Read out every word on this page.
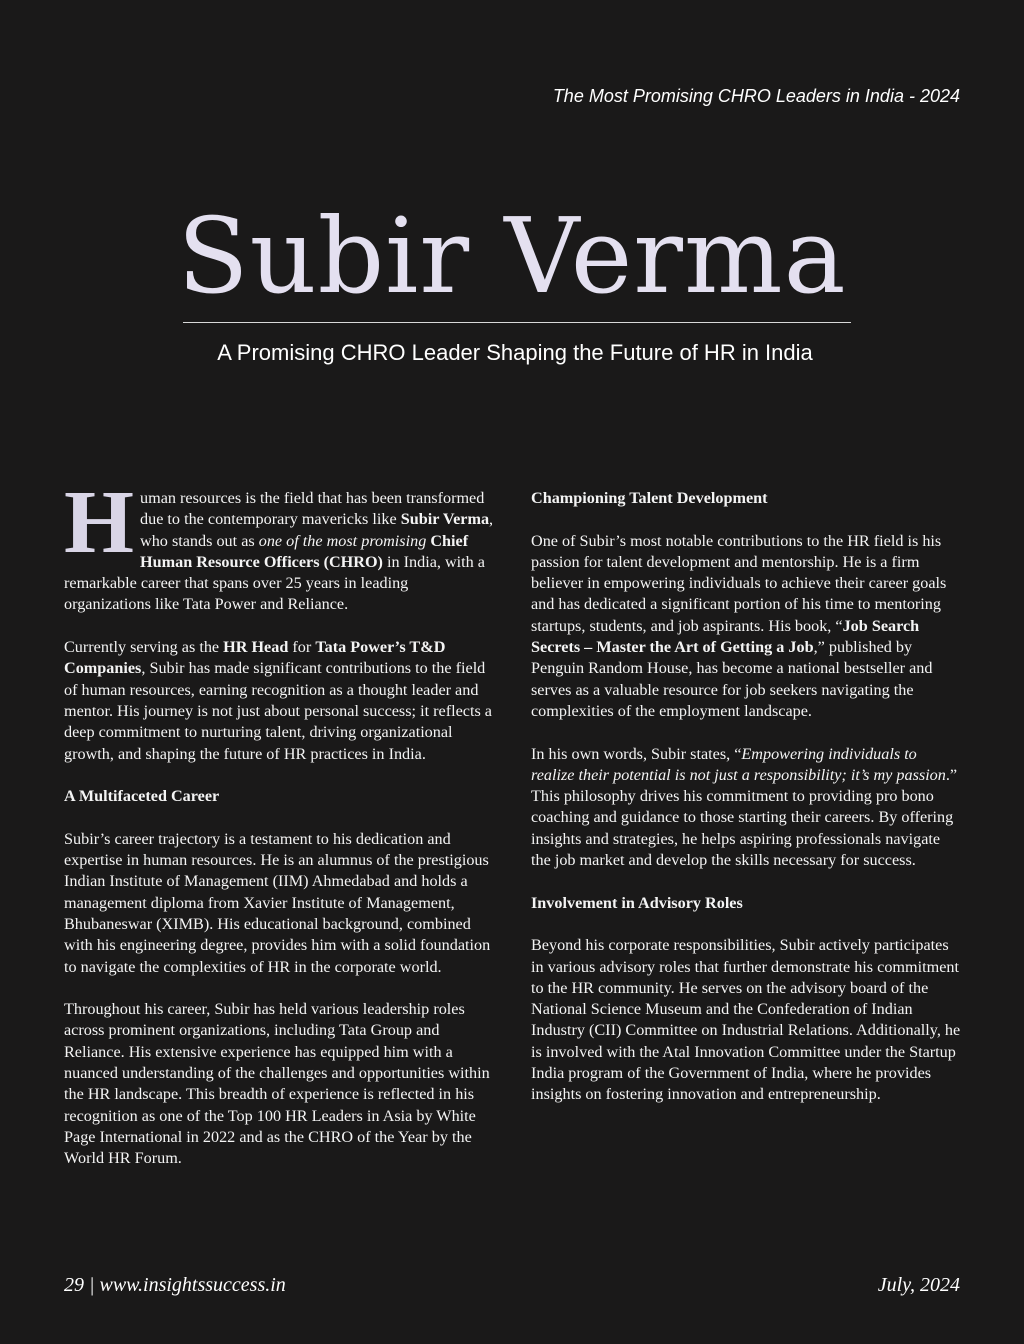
The Most Promising CHRO Leaders in India - 2024
Subir Verma
A Promising CHRO Leader Shaping the Future of HR in India

Human resources is the field that has been transformed due to the contemporary mavericks like Subir Verma, who stands out as one of the most promising Chief Human Resource Officers (CHRO) in India, with a remarkable career that spans over 25 years in leading organizations like Tata Power and Reliance.

Currently serving as the HR Head for Tata Power’s T&D Companies, Subir has made significant contributions to the field of human resources, earning recognition as a thought leader and mentor. His journey is not just about personal success; it reflects a deep commitment to nurturing talent, driving organizational growth, and shaping the future of HR practices in India.

A Multifaceted Career

Subir’s career trajectory is a testament to his dedication and expertise in human resources. He is an alumnus of the prestigious Indian Institute of Management (IIM) Ahmedabad and holds a management diploma from Xavier Institute of Management, Bhubaneswar (XIMB). His educational background, combined with his engineering degree, provides him with a solid foundation to navigate the complexities of HR in the corporate world.

Throughout his career, Subir has held various leadership roles across prominent organizations, including Tata Group and Reliance. His extensive experience has equipped him with a nuanced understanding of the challenges and opportunities within the HR landscape. This breadth of experience is reflected in his recognition as one of the Top 100 HR Leaders in Asia by White Page International in 2022 and as the CHRO of the Year by the World HR Forum.

Championing Talent Development

One of Subir’s most notable contributions to the HR field is his passion for talent development and mentorship. He is a firm believer in empowering individuals to achieve their career goals and has dedicated a significant portion of his time to mentoring startups, students, and job aspirants. His book, “Job Search Secrets – Master the Art of Getting a Job,” published by Penguin Random House, has become a national bestseller and serves as a valuable resource for job seekers navigating the complexities of the employment landscape.

In his own words, Subir states, “Empowering individuals to realize their potential is not just a responsibility; it’s my passion.” This philosophy drives his commitment to providing pro bono coaching and guidance to those starting their careers. By offering insights and strategies, he helps aspiring professionals navigate the job market and develop the skills necessary for success.

Involvement in Advisory Roles

Beyond his corporate responsibilities, Subir actively participates in various advisory roles that further demonstrate his commitment to the HR community. He serves on the advisory board of the National Science Museum and the Confederation of Indian Industry (CII) Committee on Industrial Relations. Additionally, he is involved with the Atal Innovation Committee under the Startup India program of the Government of India, where he provides insights on fostering innovation and entrepreneurship.

29 | www.insightssuccess.in	July, 2024
